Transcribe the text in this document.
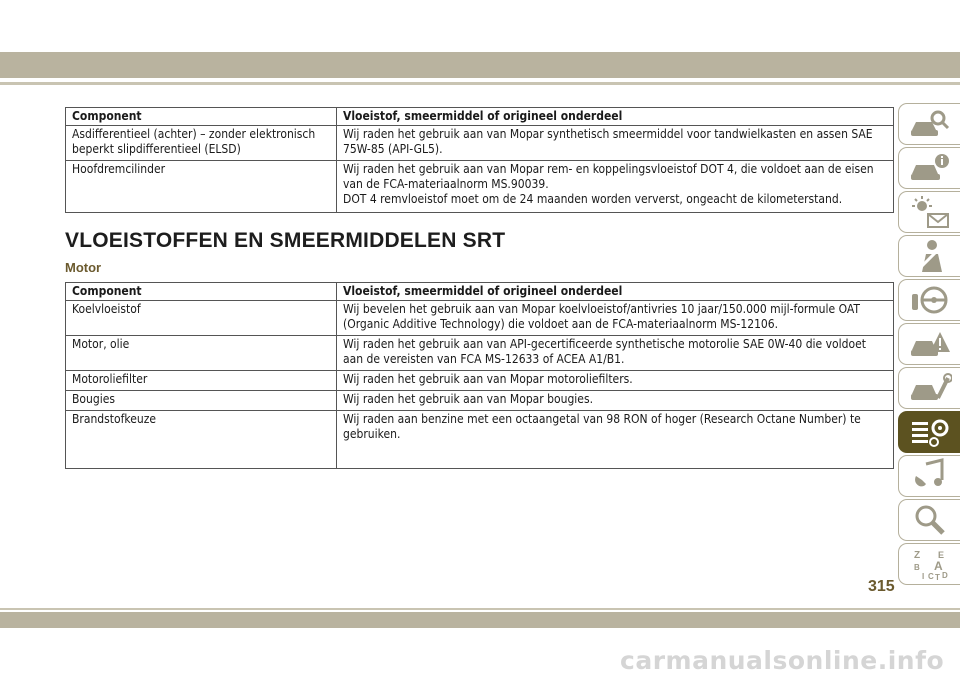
Component	Vloeistof, smeermiddel of origineel onderdeel
Asdifferentieel (achter) – zonder elektronisch beperkt slipdifferentieel (ELSD)	Wij raden het gebruik aan van Mopar synthetisch smeermiddel voor tandwielkasten en assen SAE 75W-85 (API-GL5).
Hoofdremcilinder	Wij raden het gebruik aan van Mopar rem- en koppelingsvloeistof DOT 4, die voldoet aan de eisen van de FCA-materiaalnorm MS.90039.
DOT 4 remvloeistof moet om de 24 maanden worden ververst, ongeacht de kilometerstand.
VLOEISTOFFEN EN SMEERMIDDELEN SRT
Motor
Component	Vloeistof, smeermiddel of origineel onderdeel
Koelvloeistof	Wij bevelen het gebruik aan van Mopar koelvloeistof/antivries 10 jaar/150.000 mijl-formule OAT (Organic Additive Technology) die voldoet aan de FCA-materiaalnorm MS-12106.
Motor, olie	Wij raden het gebruik aan van API-gecertificeerde synthetische motorolie SAE 0W-40 die voldoet aan de vereisten van FCA MS-12633 of ACEA A1/B1.
Motoroliefilter	Wij raden het gebruik aan van Mopar motoroliefilters.
Bougies	Wij raden het gebruik aan van Mopar bougies.
Brandstofkeuze	Wij raden aan benzine met een octaangetal van 98 RON of hoger (Research Octane Number) te gebruiken.
Z E
B A
I C T D
315
carmanualsonline.info
